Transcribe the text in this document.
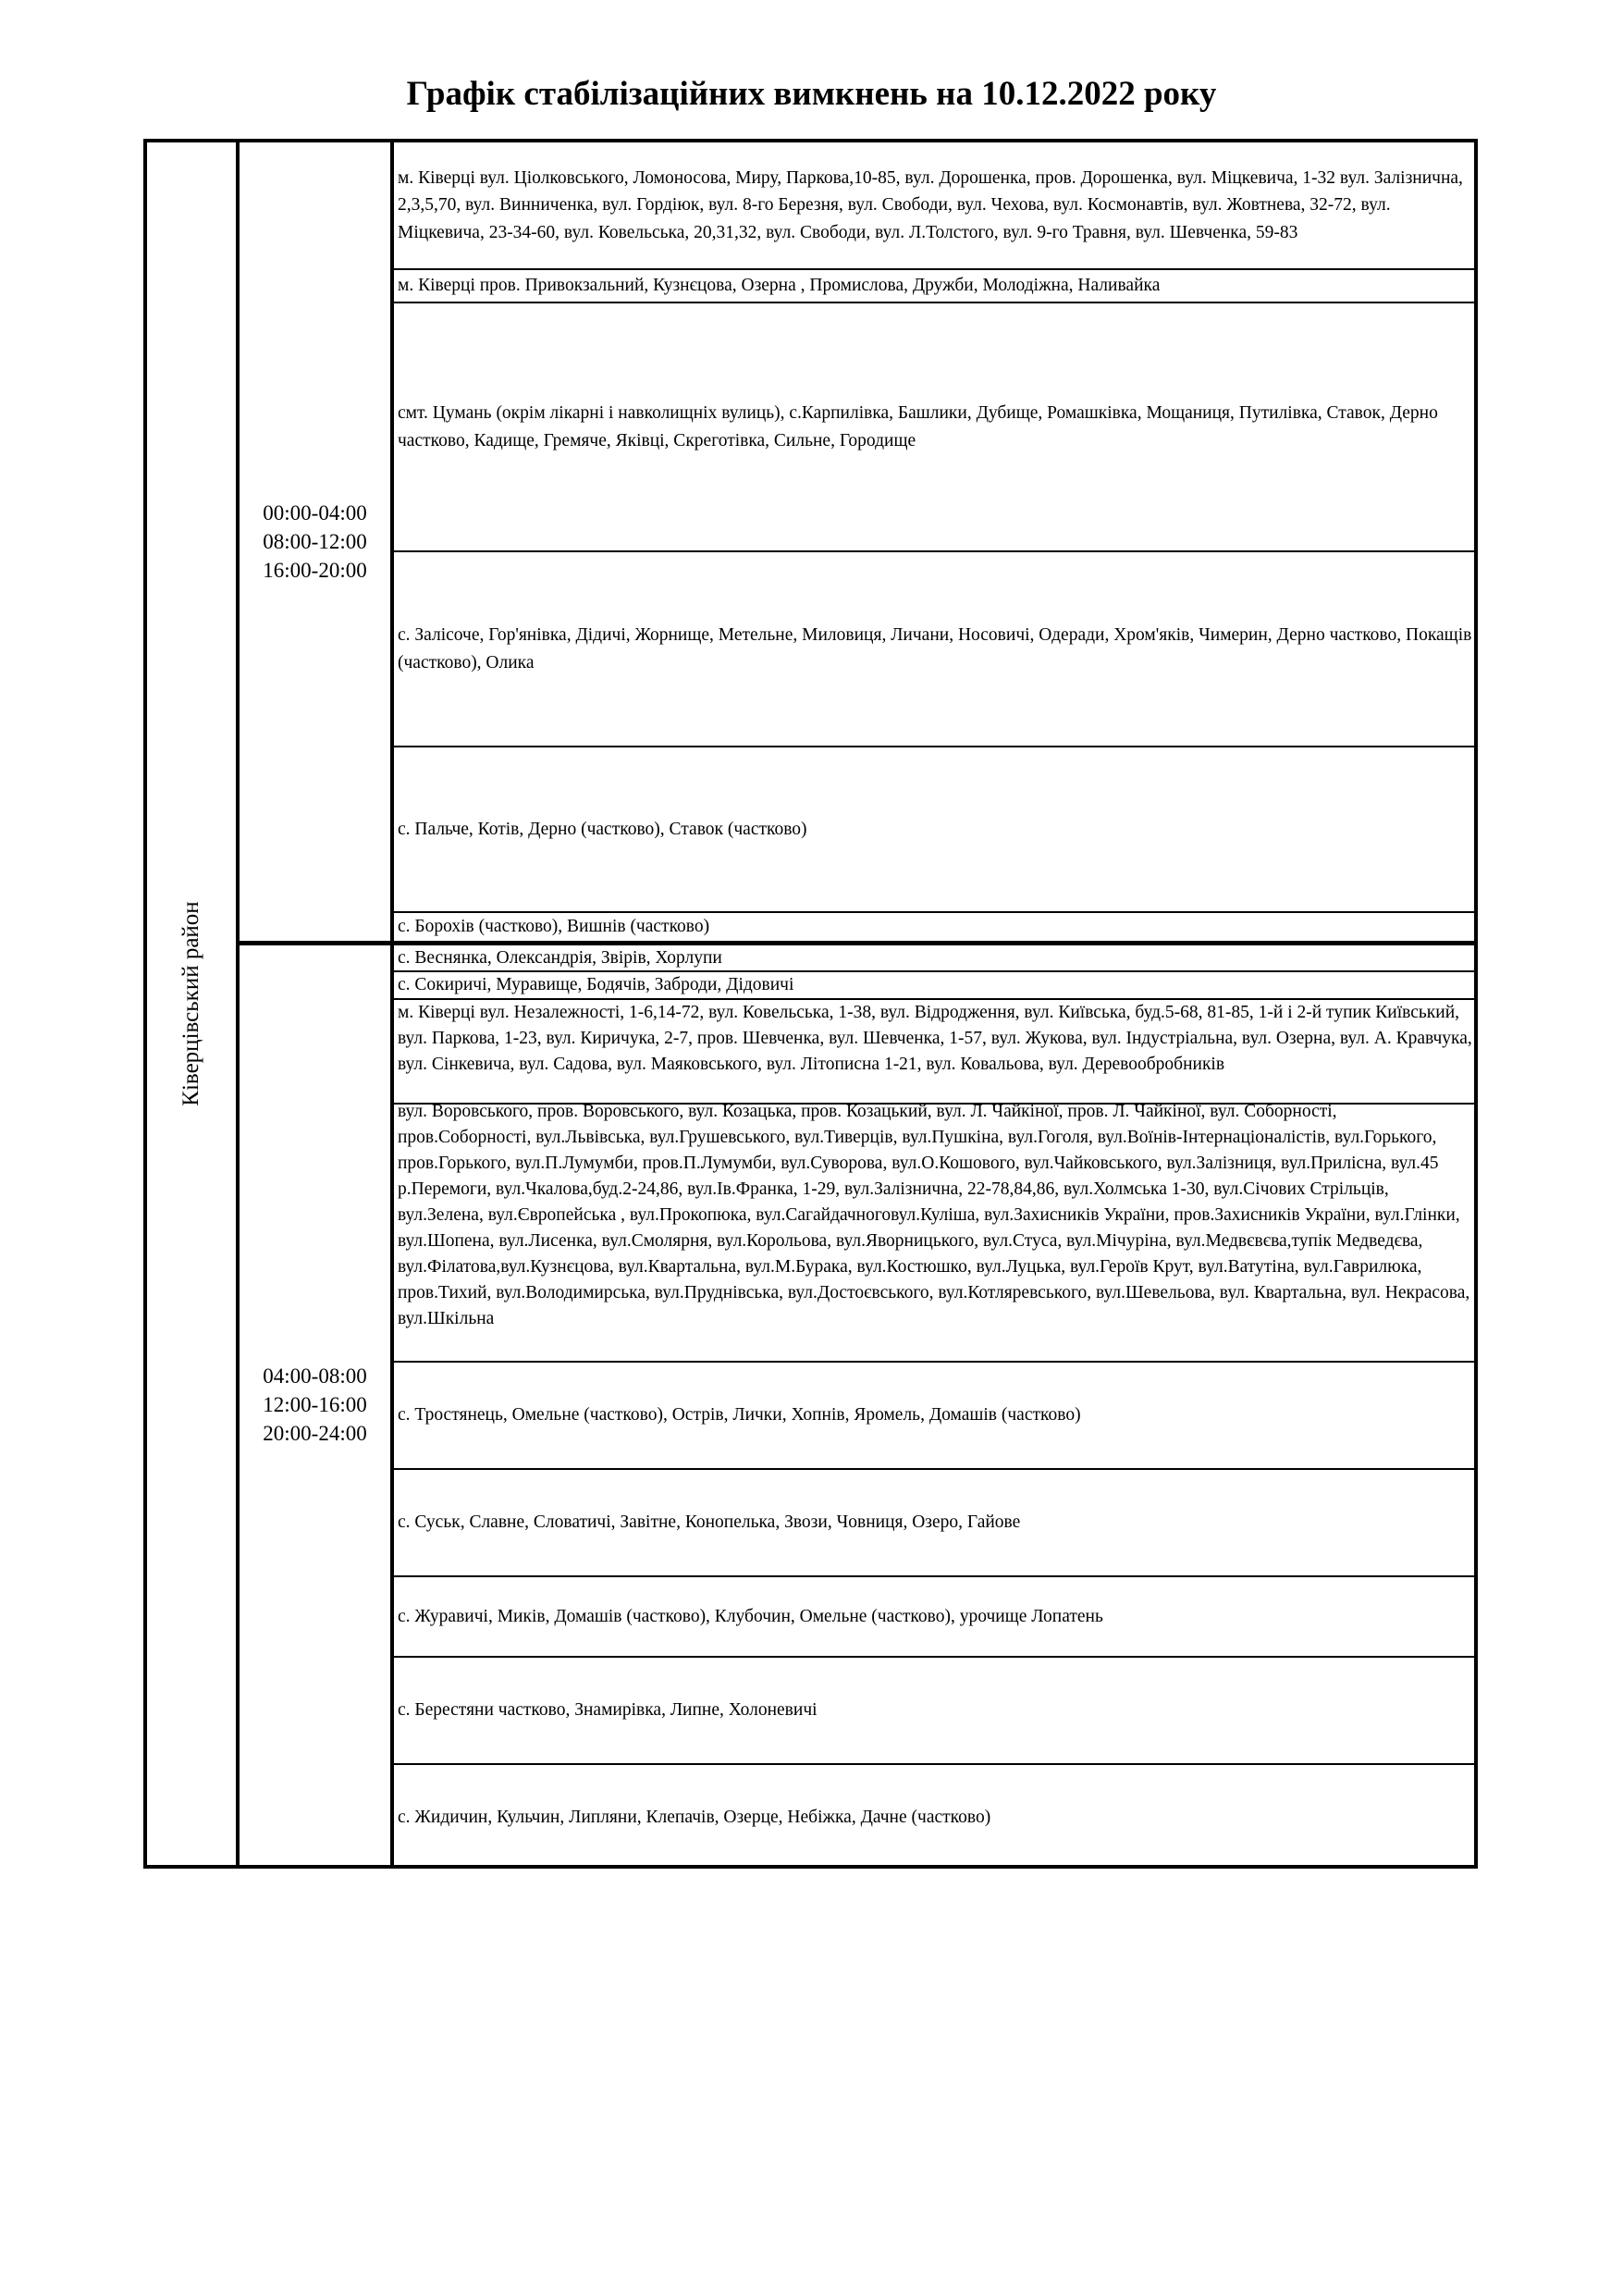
Графік стабілізаційних вимкнень на 10.12.2022 року
Ківерцівський район
00:00-04:00
08:00-12:00
16:00-20:00
м. Ківерці вул. Ціолковського, Ломоносова, Миру, Паркова,10-85, вул. Дорошенка, пров. Дорошенка, вул. Міцкевича, 1-32 вул. Залізнична, 2,3,5,70, вул. Винниченка, вул. Гордіюк, вул. 8-го Березня, вул. Свободи, вул. Чехова, вул. Космонавтів, вул. Жовтнева, 32-72, вул. Міцкевича, 23-34-60, вул. Ковельська, 20,31,32, вул. Свободи, вул. Л.Толстого, вул. 9-го Травня, вул. Шевченка, 59-83
м. Ківерці пров. Привокзальний, Кузнєцова, Озерна , Промислова, Дружби, Молодіжна, Наливайка
смт. Цумань (окрім лікарні і навколищніх вулиць), с.Карпилівка, Башлики, Дубище, Ромашківка, Мощаниця, Путилівка, Ставок, Дерно частково, Кадище, Гремяче, Яківці, Скреготівка, Сильне, Городище
с. Залісоче, Гор'янівка, Дідичі, Жорнище, Метельне, Миловиця, Личани, Носовичі, Одеради, Хром'яків, Чимерин, Дерно частково, Покащів (частково), Олика
с. Пальче, Котів, Дерно (частково), Ставок (частково)
с. Борохів (частково), Вишнів (частково)
04:00-08:00
12:00-16:00
20:00-24:00
с. Веснянка, Олександрія, Звірів, Хорлупи
с. Сокиричі, Муравище, Бодячів, Заброди, Дідовичі
м. Ківерці вул. Незалежності, 1-6,14-72, вул. Ковельська, 1-38, вул. Відродження, вул. Київська, буд.5-68, 81-85, 1-й і 2-й тупик Київський, вул. Паркова, 1-23, вул. Киричука, 2-7, пров. Шевченка, вул. Шевченка, 1-57, вул. Жукова, вул. Індустріальна, вул. Озерна, вул. А. Кравчука, вул. Сінкевича, вул. Садова, вул. Маяковського, вул. Літописна 1-21, вул. Ковальова, вул. Деревообробників
вул. Воровського, пров. Воровського, вул. Козацька, пров. Козацький, вул. Л. Чайкіної, пров. Л. Чайкіної, вул. Соборності, пров.Соборності, вул.Львівська, вул.Грушевського, вул.Тиверців, вул.Пушкіна, вул.Гоголя, вул.Воїнів-Інтернаціоналістів, вул.Горького, пров.Горького, вул.П.Лумумби, пров.П.Лумумби, вул.Суворова, вул.О.Кошового, вул.Чайковського, вул.Залізниця, вул.Прилісна, вул.45 р.Перемоги, вул.Чкалова,буд.2-24,86, вул.Ів.Франка, 1-29, вул.Залізнична, 22-78,84,86, вул.Холмська 1-30, вул.Січових Стрільців, вул.Зелена, вул.Європейська , вул.Прокопюка, вул.Сагайдачноговул.Куліша, вул.Захисників України, пров.Захисників України, вул.Глінки, вул.Шопена, вул.Лисенка, вул.Смолярня, вул.Корольова, вул.Яворницького, вул.Стуса, вул.Мічуріна, вул.Медвєвєва,тупік Медведєва, вул.Філатова,вул.Кузнєцова, вул.Квартальна, вул.М.Бурака, вул.Костюшко, вул.Луцька, вул.Героїв Крут, вул.Ватутіна, вул.Гаврилюка, пров.Тихий, вул.Володимирська, вул.Пруднівська, вул.Достоєвського, вул.Котляревського, вул.Шевельова, вул. Квартальна, вул. Некрасова, вул.Шкільна
с. Тростянець, Омельне (частково), Острів, Лички, Хопнів, Яромель, Домашів (частково)
с. Суськ, Славне, Словатичі, Завітне, Конопелька, Звози, Човниця, Озеро, Гайове
с. Журавичі, Миків, Домашів (частково), Клубочин, Омельне (частково), урочище Лопатень
с. Берестяни частково, Знамирівка, Липне, Холоневичі
с. Жидичин, Кульчин, Липляни, Клепачів, Озерце, Небіжка, Дачне (частково)
